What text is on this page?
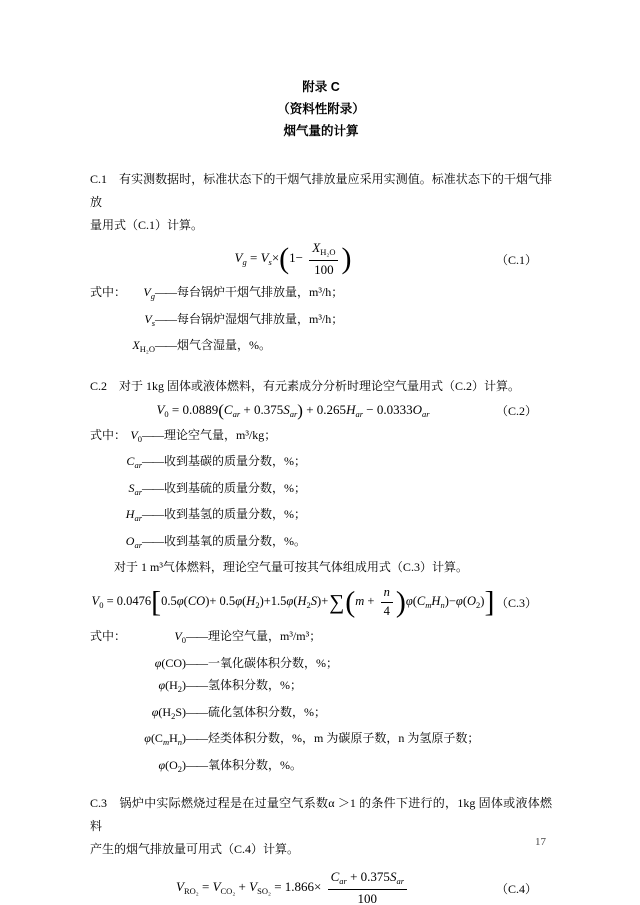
附录 C
（资料性附录）
烟气量的计算
C.1　有实测数据时，标准状态下的干烟气排放量应采用实测值。标准状态下的干烟气排放
量用式（C.1）计算。
$V_g = V_s\times(1- \frac{X_{H_2O}}{100}$ )	（C.1）
式中：	$V_g$ —— 每台锅炉干烟气排放量，m³/h；
$V_s$ —— 每台锅炉湿烟气排放量，m³/h；
$X_{H_2O}$ —— 烟气含湿量，%。
C.2　对于 1kg 固体或液体燃料，有元素成分分析时理论空气量用式（C.2）计算。
$V_0 = 0.0889(C_{ar} + 0.375S_{ar}) + 0.265H_{ar} - 0.0333O_{ar}$	（C.2）
式中： $V_0$ —— 理论空气量，m³/kg；
$C_{ar}$ —— 收到基碳的质量分数，%；
$S_{ar}$ —— 收到基硫的质量分数，%；
$H_{ar}$ —— 收到基氢的质量分数，%；
$O_{ar}$ —— 收到基氧的质量分数，%。
对于 1 m³气体燃料，理论空气量可按其气体组成用式（C.3）计算。
$V_0 = 0.0476[0.5\varphi(CO)+ 0.5\varphi(H_2)+1.5\varphi(H_2S)+\sum(m + \frac{n}{4} )\varphi(C_mH_n)-\varphi(O_2)]$ （C.3）
式中：	$V_0$ —— 理论空气量，m³/m³；
φ(CO) —— 一氧化碳体积分数，%；
$\varphi(H_2)$ —— 氢体积分数，%；
$\varphi(H_2S)$ —— 硫化氢体积分数，%；
$\varphi(C_mH_n)$ —— 烃类体积分数，%，m 为碳原子数，n 为氢原子数；
$\varphi(O_2)$ —— 氧体积分数，%。
C.3　锅炉中实际燃烧过程是在过量空气系数α ＞1 的条件下进行的，1kg 固体或液体燃料
产生的烟气排放量可用式（C.4）计算。
$V_{RO_2} = V_{CO_2} + V_{SO_2} = 1.866\times \frac{C_{ar} + 0.375S_{ar}}{100}$	（C.4）
17
